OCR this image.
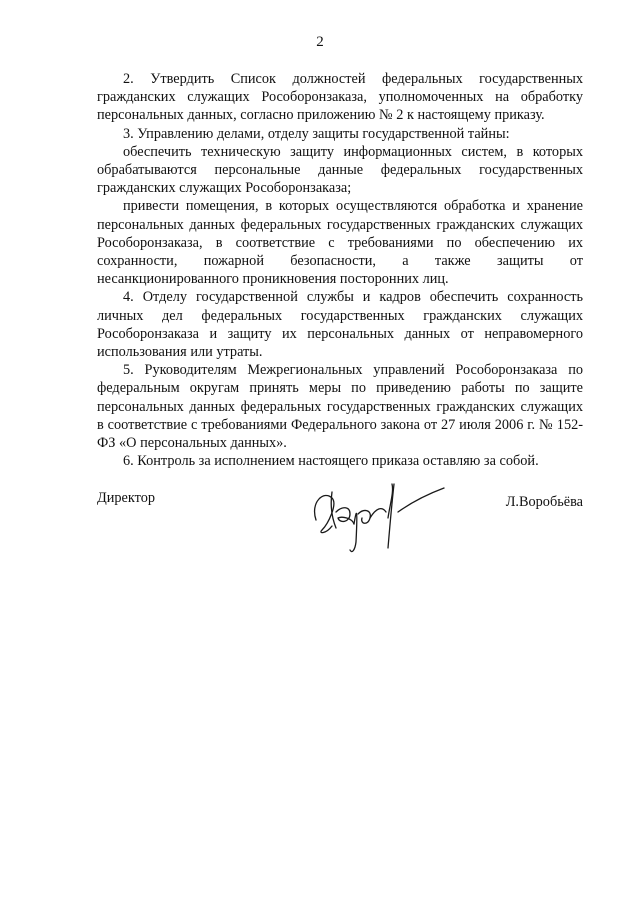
2

2. Утвердить Список должностей федеральных государственных гражданских служащих Рособоронзаказа, уполномоченных на обработку персональных данных, согласно приложению № 2 к настоящему приказу.

3. Управлению делами, отделу защиты государственной тайны:

обеспечить техническую защиту информационных систем, в которых обрабатываются персональные данные федеральных государственных гражданских служащих Рособоронзаказа;

привести помещения, в которых осуществляются обработка и хранение персональных данных федеральных государственных гражданских служащих Рособоронзаказа, в соответствие с требованиями по обеспечению их сохранности, пожарной безопасности, а также защиты от несанкционированного проникновения посторонних лиц.

4. Отделу государственной службы и кадров обеспечить сохранность личных дел федеральных государственных гражданских служащих Рособоронзаказа и защиту их персональных данных от неправомерного использования или утраты.

5. Руководителям Межрегиональных управлений Рособоронзаказа по федеральным округам принять меры по приведению работы по защите персональных данных федеральных государственных гражданских служащих в соответствие с требованиями Федерального закона от 27 июля 2006 г. № 152-ФЗ «О персональных данных».

6. Контроль за исполнением настоящего приказа оставляю за собой.

Директор	Л.Воробьёва
